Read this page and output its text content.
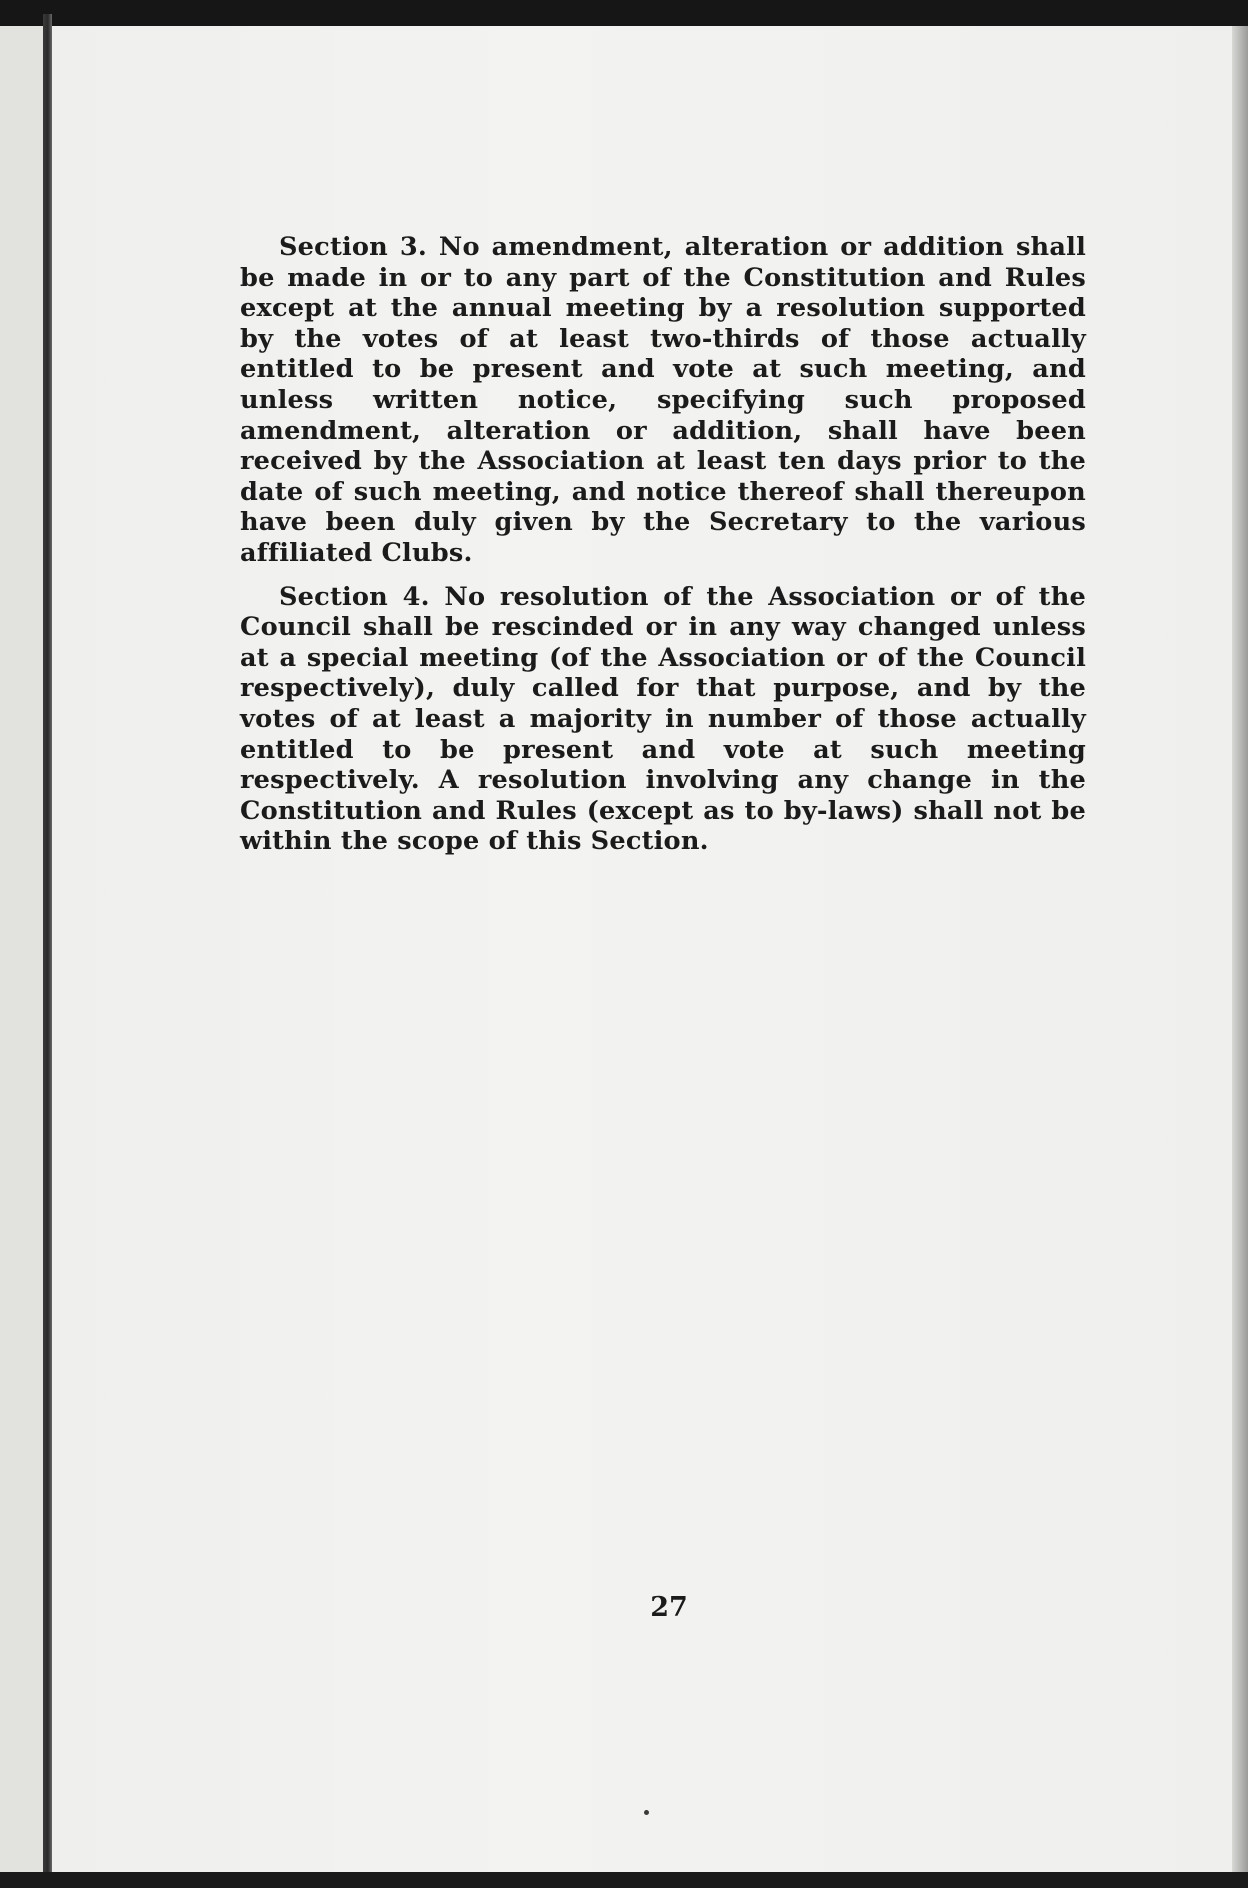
Section 3. No amendment, alteration or addition shall be made in or to any part of the Constitution and Rules except at the annual meeting by a resolution supported by the votes of at least two-thirds of those actually entitled to be present and vote at such meeting, and unless written notice, specifying such proposed amendment, alteration or addition, shall have been received by the Association at least ten days prior to the date of such meeting, and notice thereof shall thereupon have been duly given by the Secretary to the various affiliated Clubs.

Section 4. No resolution of the Association or of the Council shall be rescinded or in any way changed unless at a special meeting (of the Association or of the Council respectively), duly called for that purpose, and by the votes of at least a majority in number of those actually entitled to be present and vote at such meeting respectively. A resolution involving any change in the Constitution and Rules (except as to by-laws) shall not be within the scope of this Section.

27
